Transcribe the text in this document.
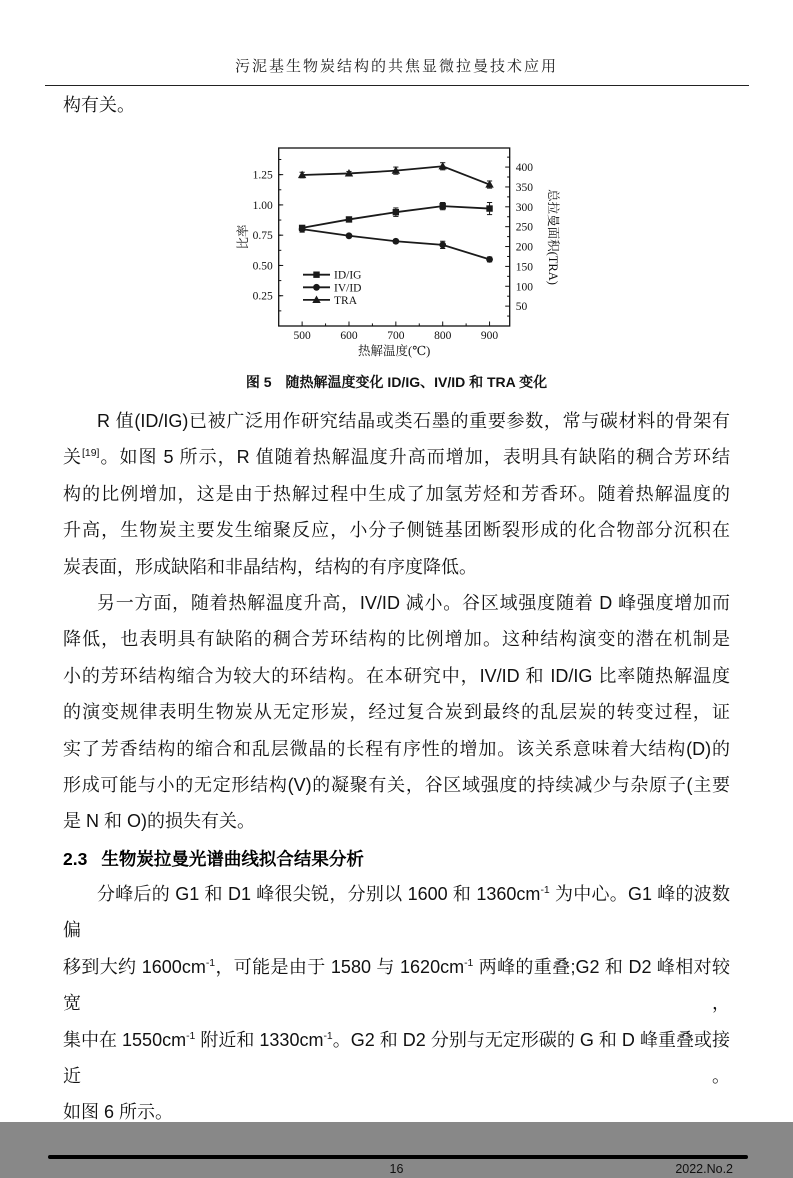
污泥基生物炭结构的共焦显微拉曼技术应用
构有关。
500	600	700	800	900
0.25
0.50
0.75
1.00
1.25
50
100
150
200
250
300
350
400
比率	总拉曼面积(TRA)
热解温度(℃)
ID/IG
IV/ID
TRA
图 5　随热解温度变化 ID/IG、IV/ID 和 TRA 变化
R 值(ID/IG)已被广泛用作研究结晶或类石墨的重要参数，常与碳材料的骨架有
关[19]。如图 5 所示，R 值随着热解温度升高而增加，表明具有缺陷的稠合芳环结
构的比例增加，这是由于热解过程中生成了加氢芳烃和芳香环。随着热解温度的
升高，生物炭主要发生缩聚反应，小分子侧链基团断裂形成的化合物部分沉积在
炭表面，形成缺陷和非晶结构，结构的有序度降低。
另一方面，随着热解温度升高，IV/ID 减小。谷区域强度随着 D 峰强度增加而
降低，也表明具有缺陷的稠合芳环结构的比例增加。这种结构演变的潜在机制是
小的芳环结构缩合为较大的环结构。在本研究中，IV/ID 和 ID/IG 比率随热解温度
的演变规律表明生物炭从无定形炭，经过复合炭到最终的乱层炭的转变过程，证
实了芳香结构的缩合和乱层微晶的长程有序性的增加。该关系意味着大结构(D)的
形成可能与小的无定形结构(V)的凝聚有关，谷区域强度的持续减少与杂原子(主要
是 N 和 O)的损失有关。
2.3 生物炭拉曼光谱曲线拟合结果分析
分峰后的 G1 和 D1 峰很尖锐，分别以 1600 和 $1360cm^{-1}$ 为中心。G1 峰的波数偏
移到大约 $1600cm^{-1}$，可能是由于 1580 与 $1620cm^{-1}$ 两峰的重叠;G2 和 D2 峰相对较宽，
集中在 $1550cm^{-1}$ 附近和 $1330cm^{-1}$。G2 和 D2 分别与无定形碳的 G 和 D 峰重叠或接近。
如图 6 所示。
16	2022.No.2
